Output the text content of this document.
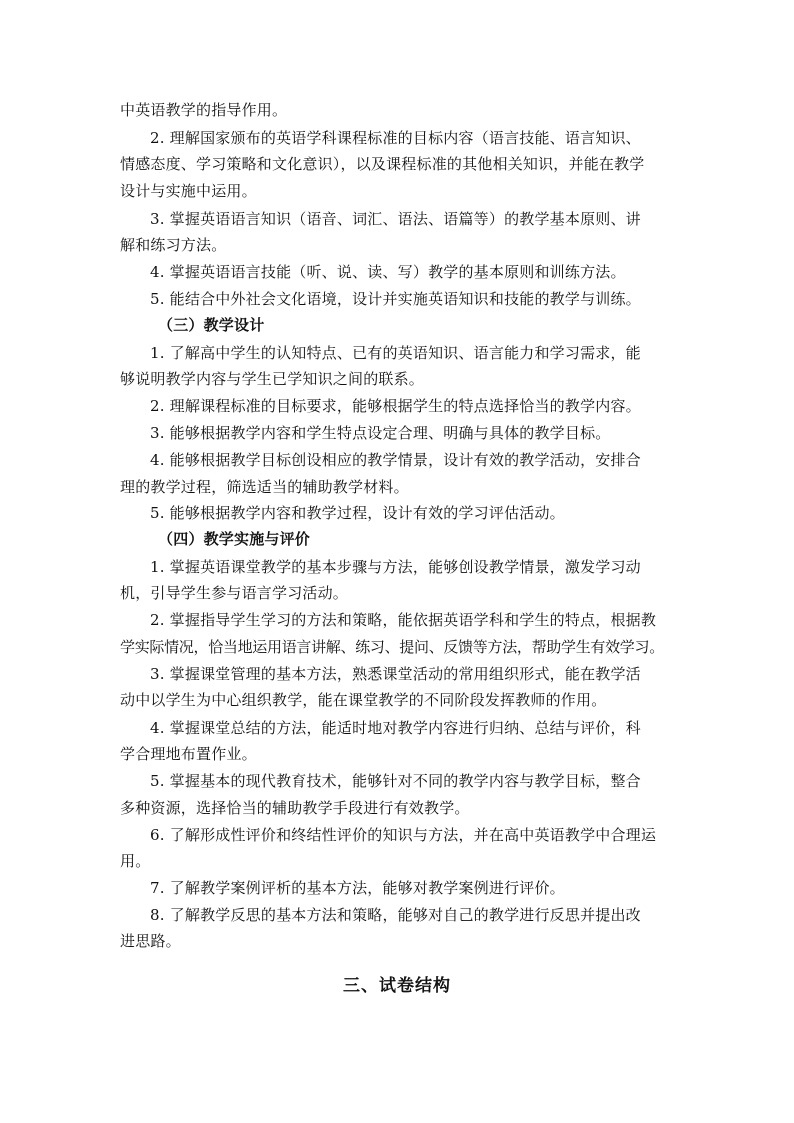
中英语教学的指导作用。
2. 理解国家颁布的英语学科课程标准的目标内容（语言技能、语言知识、
情感态度、学习策略和文化意识），以及课程标准的其他相关知识，并能在教学
设计与实施中运用。
3. 掌握英语语言知识（语音、词汇、语法、语篇等）的教学基本原则、讲
解和练习方法。
4. 掌握英语语言技能（听、说、读、写）教学的基本原则和训练方法。
5. 能结合中外社会文化语境，设计并实施英语知识和技能的教学与训练。
（三）教学设计
1. 了解高中学生的认知特点、已有的英语知识、语言能力和学习需求，能
够说明教学内容与学生已学知识之间的联系。
2. 理解课程标准的目标要求，能够根据学生的特点选择恰当的教学内容。
3. 能够根据教学内容和学生特点设定合理、明确与具体的教学目标。
4. 能够根据教学目标创设相应的教学情景，设计有效的教学活动，安排合
理的教学过程，筛选适当的辅助教学材料。
5. 能够根据教学内容和教学过程，设计有效的学习评估活动。
（四）教学实施与评价
1. 掌握英语课堂教学的基本步骤与方法，能够创设教学情景，激发学习动
机，引导学生参与语言学习活动。
2. 掌握指导学生学习的方法和策略，能依据英语学科和学生的特点，根据教
学实际情况，恰当地运用语言讲解、练习、提问、反馈等方法，帮助学生有效学习。
3. 掌握课堂管理的基本方法，熟悉课堂活动的常用组织形式，能在教学活
动中以学生为中心组织教学，能在课堂教学的不同阶段发挥教师的作用。
4. 掌握课堂总结的方法，能适时地对教学内容进行归纳、总结与评价，科
学合理地布置作业。
5. 掌握基本的现代教育技术，能够针对不同的教学内容与教学目标，整合
多种资源，选择恰当的辅助教学手段进行有效教学。
6. 了解形成性评价和终结性评价的知识与方法，并在高中英语教学中合理运
用。
7. 了解教学案例评析的基本方法，能够对教学案例进行评价。
8. 了解教学反思的基本方法和策略，能够对自己的教学进行反思并提出改
进思路。
三、试卷结构
